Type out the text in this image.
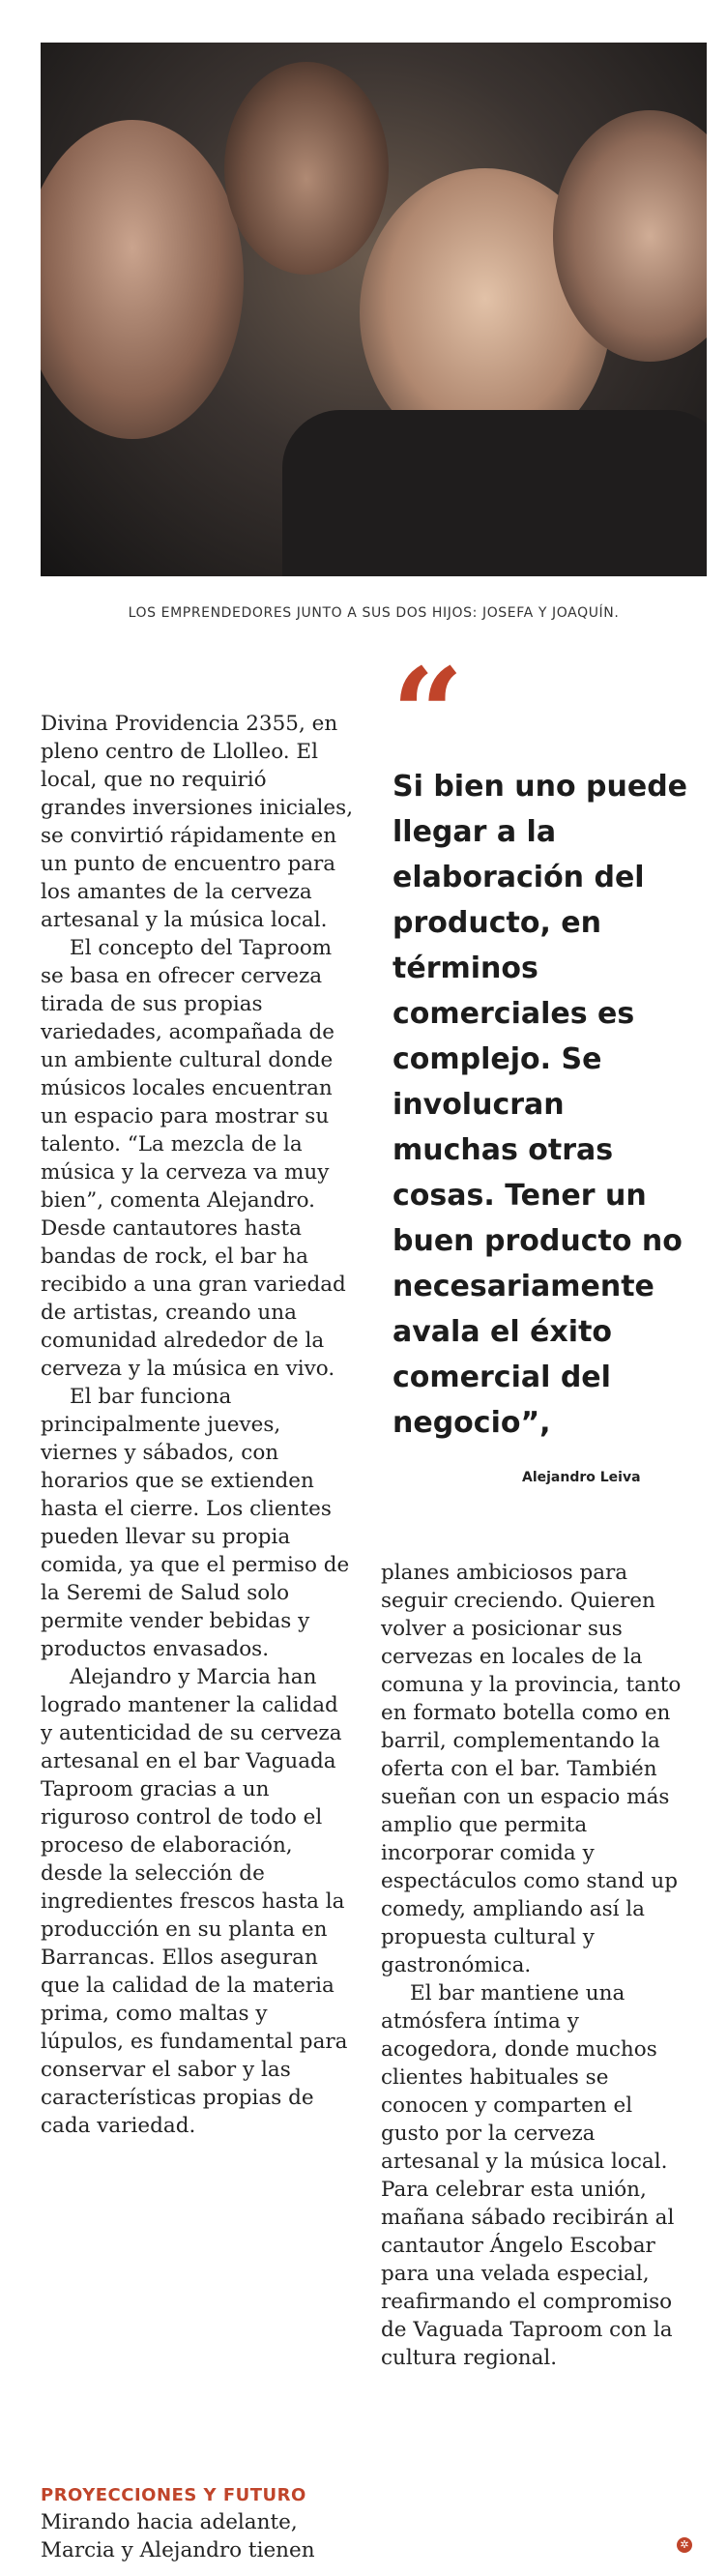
LOS EMPRENDEDORES JUNTO A SUS DOS HIJOS: JOSEFA Y JOAQUÍN.

Divina Providencia 2355, en pleno centro de Llolleo. El local, que no requirió grandes inversiones iniciales, se convirtió rápidamente en un punto de encuentro para los amantes de la cerveza artesanal y la música local.

El concepto del Taproom se basa en ofrecer cerveza tirada de sus propias variedades, acompañada de un ambiente cultural donde músicos locales encuentran un espacio para mostrar su talento. “La mezcla de la música y la cerveza va muy bien”, comenta Alejandro. Desde cantautores hasta bandas de rock, el bar ha recibido a una gran variedad de artistas, creando una comunidad alrededor de la cerveza y la música en vivo.

El bar funciona principalmente jueves, viernes y sábados, con horarios que se extienden hasta el cierre. Los clientes pueden llevar su propia comida, ya que el permiso de la Seremi de Salud solo permite vender bebidas y productos envasados.

Alejandro y Marcia han logrado mantener la calidad y autenticidad de su cerveza artesanal en el bar Vaguada Taproom gracias a un riguroso control de todo el proceso de elaboración, desde la selección de ingredientes frescos hasta la producción en su planta en Barrancas. Ellos aseguran que la calidad de la materia prima, como maltas y lúpulos, es fundamental para conservar el sabor y las características propias de cada variedad.

PROYECCIONES Y FUTURO

Mirando hacia adelante, Marcia y Alejandro tienen

“
Si bien uno puede llegar a la elaboración del producto, en términos comerciales es complejo. Se involucran muchas otras cosas. Tener un buen producto no necesariamente avala el éxito comercial del negocio”,
Alejandro Leiva

planes ambiciosos para seguir creciendo. Quieren volver a posicionar sus cervezas en locales de la comuna y la provincia, tanto en formato botella como en barril, complementando la oferta con el bar. También sueñan con un espacio más amplio que permita incorporar comida y espectáculos como stand up comedy, ampliando así la propuesta cultural y gastronómica.

El bar mantiene una atmósfera íntima y acogedora, donde muchos clientes habituales se conocen y comparten el gusto por la cerveza artesanal y la música local. Para celebrar esta unión, mañana sábado recibirán al cantautor Ángelo Escobar para una velada especial, reafirmando el compromiso de Vaguada Taproom con la cultura regional.

✲
